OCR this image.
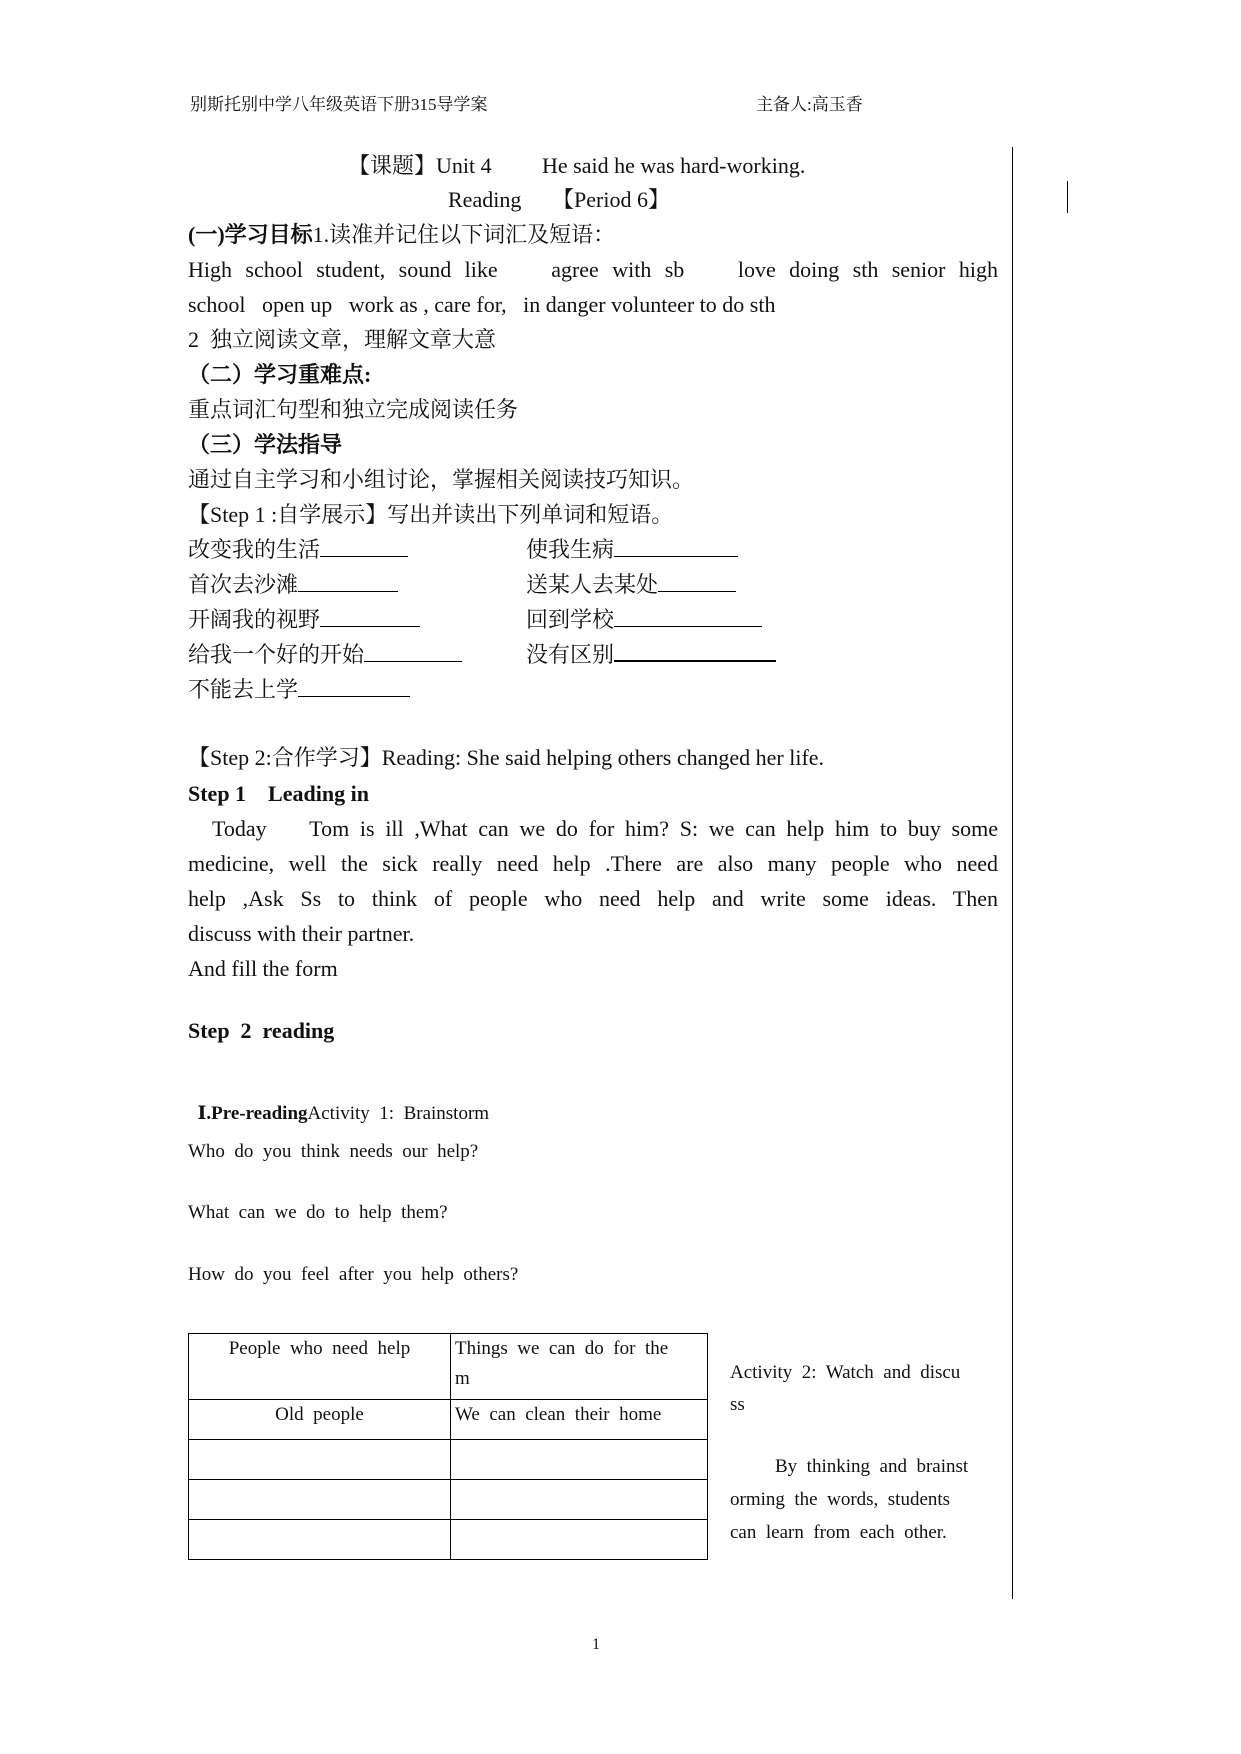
别斯托别中学八年级英语下册315导学案	主备人:高玉香
【课题】Unit 4 He said he was hard-working.
Reading 【Period 6】
(一)学习目标1.读准并记住以下词汇及短语：
High school student, sound like    agree with sb    love doing sth senior high
school   open up   work as , care for,   in danger volunteer to do sth
2  独立阅读文章，理解文章大意
（二）学习重难点:
重点词汇句型和独立完成阅读任务
（三）学法指导
通过自主学习和小组讨论，掌握相关阅读技巧知识。
【Step 1 :自学展示】写出并读出下列单词和短语。
改变我的生活	使我生病
首次去沙滩	送某人去某处
开阔我的视野	回到学校
给我一个好的开始	没有区别
不能去上学
【Step 2:合作学习】Reading: She said helping others changed her life.
Step 1    Leading in
Today    Tom is ill ,What can we do for him? S: we can help him to buy some
medicine, well the sick really need help .There are also many people who need
help ,Ask Ss to think of people who need help and write some ideas. Then
discuss with their partner.
And fill the form
Step  2  reading

Ⅰ.Pre-readingActivity  1:  Brainstorm

Who  do  you  think  needs  our  help?
What  can  we  do  to  help  them?
How  do  you  feel  after  you  help  others?
People  who  need  help	Things  we  can  do  for  the
m
Old  people	We  can  clean  their  home

Activity  2:  Watch  and  discu
ss
By  thinking  and  brainst
orming  the  words,  students
can  learn  from  each  other.
1
